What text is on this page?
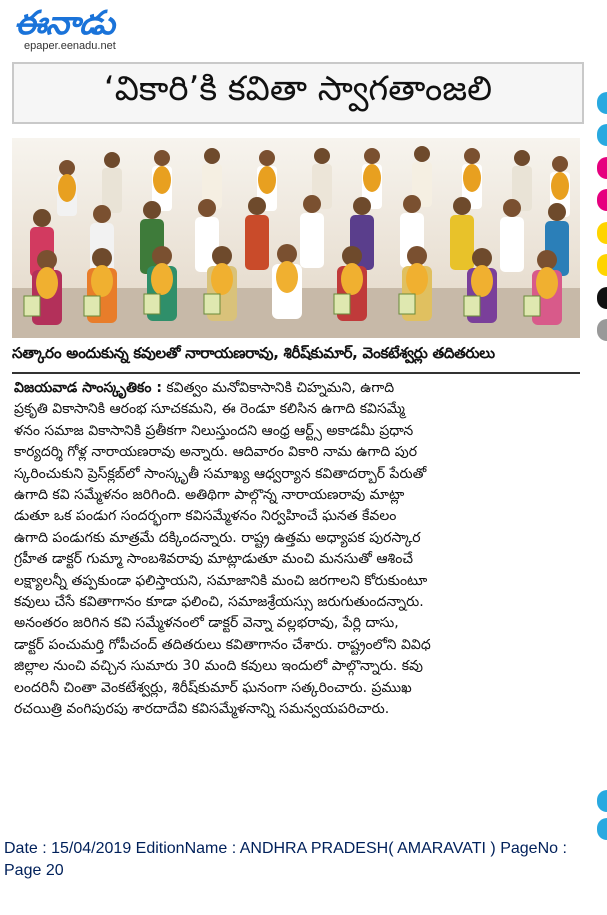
ఈనాడు
epaper.eenadu.net
‘వికారి’కి కవితా స్వాగతాంజలి
సత్కారం అందుకున్న కవులతో నారాయణరావు, శిరీష్‌కుమార్‌, వెంకటేశ్వర్లు తదితరులు
విజయవాడ సాంస్కృతికం : కవిత్వం మనోవికాసానికి చిహ్నమని, ఉగాది
ప్రకృతి వికాసానికి ఆరంభ సూచకమని, ఈ రెండూ కలిసిన ఉగాది కవిసమ్మే
ళనం సమాజ వికాసానికి ప్రతీకగా నిలుస్తుందని ఆంధ్ర ఆర్ట్స్‌ అకాడమీ ప్రధాన
కార్యదర్శి గోళ్ల నారాయణరావు అన్నారు. ఆదివారం వికారి నామ ఉగాది పుర
స్కరించుకుని ప్రెస్‌క్లబ్‌లో సాంస్కృతీ సమాఖ్య ఆధ్వర్యాన కవితాదర్బార్‌ పేరుతో
ఉగాది కవి సమ్మేళనం జరిగింది. అతిథిగా పాల్గొన్న నారాయణరావు మాట్లా
డుతూ ఒక పండుగ సందర్భంగా కవిసమ్మేళనం నిర్వహించే ఘనత కేవలం
ఉగాది పండుగకు మాత్రమే దక్కిందన్నారు. రాష్ట్ర ఉత్తమ అధ్యాపక పురస్కార
గ్రహీత డాక్టర్‌ గుమ్మా సాంబశివరావు మాట్లాడుతూ మంచి మనసుతో ఆశించే
లక్ష్యాలన్నీ తప్పకుండా ఫలిస్తాయని, సమాజానికి మంచి జరగాలని కోరుకుంటూ
కవులు చేసే కవితాగానం కూడా ఫలించి, సమాజశ్రేయస్సు జరుగుతుందన్నారు.
అనంతరం జరిగిన కవి సమ్మేళనంలో డాక్టర్‌ వెన్నా వల్లభరావు, పేర్లి దాసు,
డాక్టర్‌ పంచుమర్తి గోపీచంద్‌ తదితరులు కవితాగానం చేశారు. రాష్ట్రంలోని వివిధ
జిల్లాల నుంచి వచ్చిన సుమారు 30 మంది కవులు ఇందులో పాల్గొన్నారు. కవు
లందరినీ చింతా వెంకటేశ్వర్లు, శిరీష్‌కుమార్‌ ఘనంగా సత్కరించారు. ప్రముఖ
రచయిత్రి వంగిపురపు శారదాదేవి కవిసమ్మేళనాన్ని సమన్వయపరిచారు.
Date : 15/04/2019 EditionName : ANDHRA PRADESH( AMARAVATI ) PageNo :
Page 20
